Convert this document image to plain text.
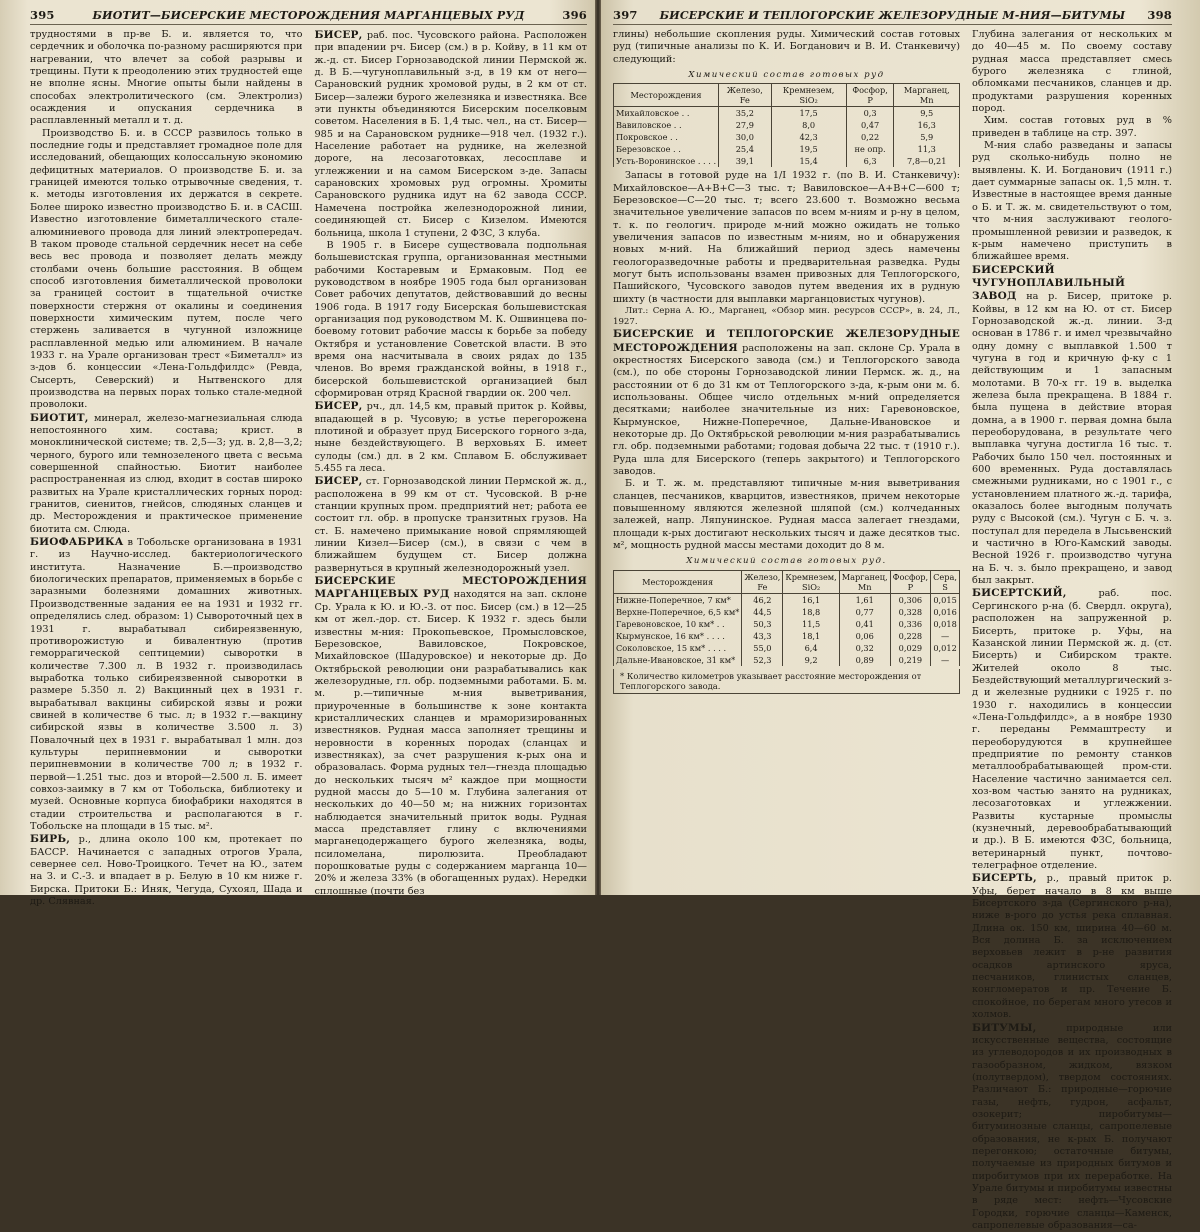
395	БИОТИТ—БИСЕРСКИЕ МЕСТОРОЖДЕНИЯ МАРГАНЦЕВЫХ РУД	396

трудностями в пр-ве Б. и. является то, что сердечник и оболочка по-разному расширяются при нагревании, что влечет за собой разрывы и трещины. Пути к преодолению этих трудностей еще не вполне ясны. Многие опыты были найдены в способах электролитического (см. Электролиз) осаждения и опускания сердечника в расплавленный металл и т. д.

Производство Б. и. в СССР развилось только в последние годы и представляет громадное поле для исследований, обещающих колоссальную экономию дефицитных материалов. О производстве Б. и. за границей имеются только отрывочные сведения, т. к. методы изготовления их держатся в секрете. Более широко известно производство Б. и. в САСШ. Известно изготовление биметаллического стале-алюминиевого провода для линий электропередач. В таком проводе стальной сердечник несет на себе весь вес провода и позволяет делать между столбами очень большие расстояния. В общем способ изготовления биметаллической проволоки за границей состоит в тщательной очистке поверхности стержня от окалины и соединения поверхности химическим путем, после чего стержень заливается в чугунной изложнице расплавленной медью или алюминием. В начале 1933 г. на Урале организован трест «Биметалл» из з-дов б. концессии «Лена-Гольдфилдс» (Ревда, Сысерть, Северский) и Нытвенского для производства на первых порах только стале-медной проволоки.

БИОТИТ, минерал, железо-магнезиальная слюда непостоянного хим. состава; крист. в моноклинической системе; тв. 2,5—3; уд. в. 2,8—3,2; черного, бурого или темнозеленого цвета с весьма совершенной спайностью. Биотит наиболее распространенная из слюд, входит в состав широко развитых на Урале кристаллических горных пород: гранитов, сиенитов, гнейсов, слюдяных сланцев и др. Месторождения и практическое применение биотита см. Слюда.

БИОФАБРИКА в Тобольске организована в 1931 г. из Научно-исслед. бактериологического института. Назначение Б.—производство биологических препаратов, применяемых в борьбе с заразными болезнями домашних животных. Производственные задания ее на 1931 и 1932 гг. определялись след. образом: 1) Сывороточный цех в 1931 г. вырабатывал сибиреязвенную, противорожистую и бивалентную (против геморрагической септицемии) сыворотки в количестве 7.300 л. В 1932 г. производилась выработка только сибиреязвенной сыворотки в размере 5.350 л. 2) Вакцинный цех в 1931 г. вырабатывал вакцины сибирской язвы и рожи свиней в количестве 6 тыс. л; в 1932 г.—вакцину сибирской язвы в количестве 3.500 л. 3) Повалочный цех в 1931 г. вырабатывал 1 млн. доз культуры перипневмонии и сыворотки перипневмонии в количестве 700 л; в 1932 г. первой—1.251 тыс. доз и второй—2.500 л. Б. имеет совхоз-заимку в 7 км от Тобольска, библиотеку и музей. Основные корпуса биофабрики находятся в стадии строительства и располагаются в г. Тобольске на площади в 15 тыс. м².

БИРЬ, р., длина около 100 км, протекает по БАССР. Начинается с западных отрогов Урала, севернее сел. Ново-Троицкого. Течет на Ю., затем на З. и С.-З. и впадает в р. Белую в 10 км ниже г. Бирска. Притоки Б.: Иняк, Чегуда, Сухоял, Шада и др. Слявная.

БИСЕР, раб. пос. Чусовского района. Расположен при впадении рч. Бисер (см.) в р. Койву, в 11 км от ж.-д. ст. Бисер Горнозаводской линии Пермской ж. д. В Б.—чугуноплавильный з-д, в 19 км от него—Сарановский рудник хромовой руды, в 2 км от ст. Бисер—залежи бурого железняка и известняка. Все эти пункты объединяются Бисерским поселковым советом. Населения в Б. 1,4 тыс. чел., на ст. Бисер—985 и на Сарановском руднике—918 чел. (1932 г.). Население работает на руднике, на железной дороге, на лесозаготовках, лесосплаве и углежжении и на самом Бисерском з-де. Запасы сарановских хромовых руд огромны. Хромиты Сарановского рудника идут на 62 завода СССР. Намечена постройка железнодорожной линии, соединяющей ст. Бисер с Кизелом. Имеются больница, школа 1 ступени, 2 ФЗС, 3 клуба.

В 1905 г. в Бисере существовала подпольная большевистская группа, организованная местными рабочими Костаревым и Ермаковым. Под ее руководством в ноябре 1905 года был организован Совет рабочих депутатов, действовавший до весны 1906 года. В 1917 году Бисерская большевистская организация под руководством М. К. Ошвинцева по-боевому готовит рабочие массы к борьбе за победу Октября и установление Советской власти. В это время она насчитывала в своих рядах до 135 членов. Во время гражданской войны, в 1918 г., бисерской большевистской организацией был сформирован отряд Красной гвардии ок. 200 чел.

БИСЕР, рч., дл. 14,5 км, правый приток р. Койвы, впадающей в р. Чусовую; в устье перегорожена плотиной и образует пруд Бисерского горного з-да, ныне бездействующего. В верховьях Б. имеет сулоды (см.) дл. в 2 км. Сплавом Б. обслуживает 5.455 га леса.

БИСЕР, ст. Горнозаводской линии Пермской ж. д., расположена в 99 км от ст. Чусовской. В р-не станции крупных пром. предприятий нет; работа ее состоит гл. обр. в пропуске транзитных грузов. На ст. Б. намечено примыкание новой спрямляющей линии Кизел—Бисер (см.), в связи с чем в ближайшем будущем ст. Бисер должна развернуться в крупный железнодорожный узел.

БИСЕРСКИЕ МЕСТОРОЖДЕНИЯ МАРГАНЦЕВЫХ РУД находятся на зап. склоне Ср. Урала к Ю. и Ю.-З. от пос. Бисер (см.) в 12—25 км от жел.-дор. ст. Бисер. К 1932 г. здесь были известны м-ния: Прокопьевское, Промысловское, Березовское, Вавиловское, Покровское, Михайловское (Шадуровское) и некоторые др. До Октябрьской революции они разрабатывались как железорудные, гл. обр. подземными работами. Б. м. м. р.—типичные м-ния выветривания, приуроченные в большинстве к зоне контакта кристаллических сланцев и мраморизированных известняков. Рудная масса заполняет трещины и неровности в коренных породах (сланцах и известняках), за счет разрушения к-рых она и образовалась. Форма рудных тел—гнезда площадью до нескольких тысяч м² каждое при мощности рудной массы до 5—10 м. Глубина залегания от нескольких до 40—50 м; на нижних горизонтах наблюдается значительный приток воды. Рудная масса представляет глину с включениями марганецодержащего бурого железняка, воды, псиломелана, пиролюзита. Преобладают порошковатые руды с содержанием марганца 10—20% и железа 33% (в обогащенных рудах). Нередки сплошные (почти без

397 БИСЕРСКИЕ И ТЕПЛОГОРСКИЕ ЖЕЛЕЗОРУДНЫЕ М-НИЯ—БИТУМЫ 398

глины) небольшие скопления руды. Химический состав готовых руд (типичные анализы по К. И. Богданович и В. И. Станкевичу) следующий:

Химический состав готовых руд
Месторождения	Железо, Fe	Кремнезем, SiO₂	Фосфор, P	Марганец, Mn
Михайловское . .	35,2	17,5	0,3	9,5
Вавиловское . .	27,9	8,0	0,47	16,3
Покровское . .	30,0	42,3	0,22	5,9
Березовское . .	25,4	19,5	не опр.	11,3
Усть-Воронинское . . . .	39,1	15,4	6,3	7,8—0,21

Запасы в готовой руде на 1/I 1932 г. (по В. И. Станкевичу): Михайловское—A+B+C—3 тыс. т; Вавиловское—A+B+C—600 т; Березовское—C—20 тыс. т; всего 23.600 т. Возможно весьма значительное увеличение запасов по всем м-ниям и р-ну в целом, т. к. по геологич. природе м-ний можно ожидать не только увеличения запасов по известным м-ниям, но и обнаружения новых м-ний. На ближайший период здесь намечены геологоразведочные работы и предварительная разведка. Руды могут быть использованы взамен привозных для Теплогорского, Пашийского, Чусовского заводов путем введения их в рудную шихту (в частности для выплавки марганцовистых чугунов).

Лит.: Серна А. Ю., Марганец, «Обзор мин. ресурсов СССР», в. 24, Л., 1927.

БИСЕРСКИЕ И ТЕПЛОГОРСКИЕ ЖЕЛЕЗОРУДНЫЕ МЕСТОРОЖДЕНИЯ расположены на зап. склоне Ср. Урала в окрестностях Бисерского завода (см.) и Теплогорского завода (см.), по обе стороны Горнозаводской линии Пермск. ж. д., на расстоянии от 6 до 31 км от Теплогорского з-да, к-рым они м. б. использованы. Общее число отдельных м-ний определяется десятками; наиболее значительные из них: Гаревоновское, Кырмунское, Нижне-Поперечное, Дальне-Ивановское и некоторые др. До Октябрьской революции м-ния разрабатывались гл. обр. подземными работами; годовая добыча 22 тыс. т (1910 г.). Руда шла для Бисерского (теперь закрытого) и Теплогорского заводов.

Б. и Т. ж. м. представляют типичные м-ния выветривания сланцев, песчаников, кварцитов, известняков, причем некоторые повышенному являются железной шляпой (см.) колчеданных залежей, напр. Ляпунинское. Рудная масса залегает гнездами, площади к-рых достигают нескольких тысяч и даже десятков тыс. м², мощность рудной массы местами доходит до 8 м.

Химический состав готовых руд.
Месторождения	Железо, Fe	Кремнезем, SiO₂	Марганец, Mn	Фосфор, P	Сера, S
Нижне-Поперечное, 7 км*	46,2	16,1	1,61	0,306	0,015
Верхне-Поперечное, 6,5 км*	44,5	18,8	0,77	0,328	0,016
Гаревоновское, 10 км* . .	50,3	11,5	0,41	0,336	0,018
Кырмунское, 16 км* . . . .	43,3	18,1	0,06	0,228	—
Соколовское, 15 км* . . . .	55,0	6,4	0,32	0,029	0,012
Дальне-Ивановское, 31 км*	52,3	9,2	0,89	0,219	—
* Количество километров указывает расстояние месторождения от Теплогорского завода.

Глубина залегания от нескольких м до 40—45 м. По своему составу рудная масса представляет смесь бурого железняка с глиной, обломками песчаников, сланцев и др. продуктами разрушения коренных пород.

Хим. состав готовых руд в % приведен в таблице на стр. 397.

М-ния слабо разведаны и запасы руд сколько-нибудь полно не выявлены. К. И. Богданович (1911 г.) дает суммарные запасы ок. 1,5 млн. т. Известные в настоящее время данные о Б. и Т. ж. м. свидетельствуют о том, что м-ния заслуживают геолого-промышленной ревизии и разведок, к к-рым намечено приступить в ближайшее время.

БИСЕРСКИЙ ЧУГУНОПЛАВИЛЬНЫЙ ЗАВОД на р. Бисер, притоке р. Койвы, в 12 км на Ю. от ст. Бисер Горнозаводской ж.-д. линии. З-д основан в 1786 г. и имел чрезвычайно одну домну с выплавкой 1.500 т чугуна в год и кричную ф-ку с 1 действующим и 1 запасным молотами. В 70-х гг. 19 в. выделка железа была прекращена. В 1884 г. была пущена в действие вторая домна, а в 1900 г. первая домна была переоборудована, в результате чего выплавка чугуна достигла 16 тыс. т. Рабочих было 150 чел. постоянных и 600 временных. Руда доставлялась смежными рудниками, но с 1901 г., с установлением платного ж.-д. тарифа, оказалось более выгодным получать руду с Высокой (см.). Чугун с Б. ч. з. поступал для передела в Лысьвенский и частично в Юго-Камский заводы. Весной 1926 г. производство чугуна на Б. ч. з. было прекращено, и завод был закрыт.

БИСЕРТСКИЙ, раб. пос. Сергинского р-на (б. Свердл. округа), расположен на запруженной р. Бисерть, притоке р. Уфы, на Казанской линии Пермской ж. д. (ст. Бисерть) и Сибирском тракте. Жителей около 8 тыс. Бездействующий металлургический з-д и железные рудники с 1925 г. по 1930 г. находились в концессии «Лена-Гольдфилдс», а в ноябре 1930 г. переданы Реммаштресту и переоборудуются в крупнейшее предприятие по ремонту станков металлообрабатывающей пром-сти. Население частично занимается сел. хоз-вом частью занято на рудниках, лесозаготовках и углежжении. Развиты кустарные промыслы (кузнечный, деревообрабатывающий и др.). В Б. имеются ФЗС, больница, ветеринарный пункт, почтово-телеграфное отделение.

БИСЕРТЬ, р., правый приток р. Уфы, берет начало в 8 км выше Бисертского з-да (Сергинского р-на), ниже в-рого до устья река сплавная. Длина ок. 150 км, ширина 40—60 м. Вся долина Б. за исключением верховьев лежит в р-не развития осадков артинского яруса, песчаников, глинистых сланцев, конгломератов и пр. Течение Б. спокойное, по берегам много утесов и холмов.

БИТУМЫ, природные или искусственные вещества, состоящие из углеводородов и их производных в газообразном, жидком, вязком (полутвердом), твердом состояниях. Различают Б.: природные—горючие газы, нефть, гудрон, асфальт, озокерит; пиробитумы—битуминозные сланцы, сапропелевые образования, не к-рых Б. получают перегонкою; остаточные битумы, получаемые из природных битумов и пиробитумов при их переработке. На Урале битумы и пиробитумы известны в ряде мест: нефть—Чусовские Городки, горючие сланцы—Каменск, сапропелевые образования—са-
